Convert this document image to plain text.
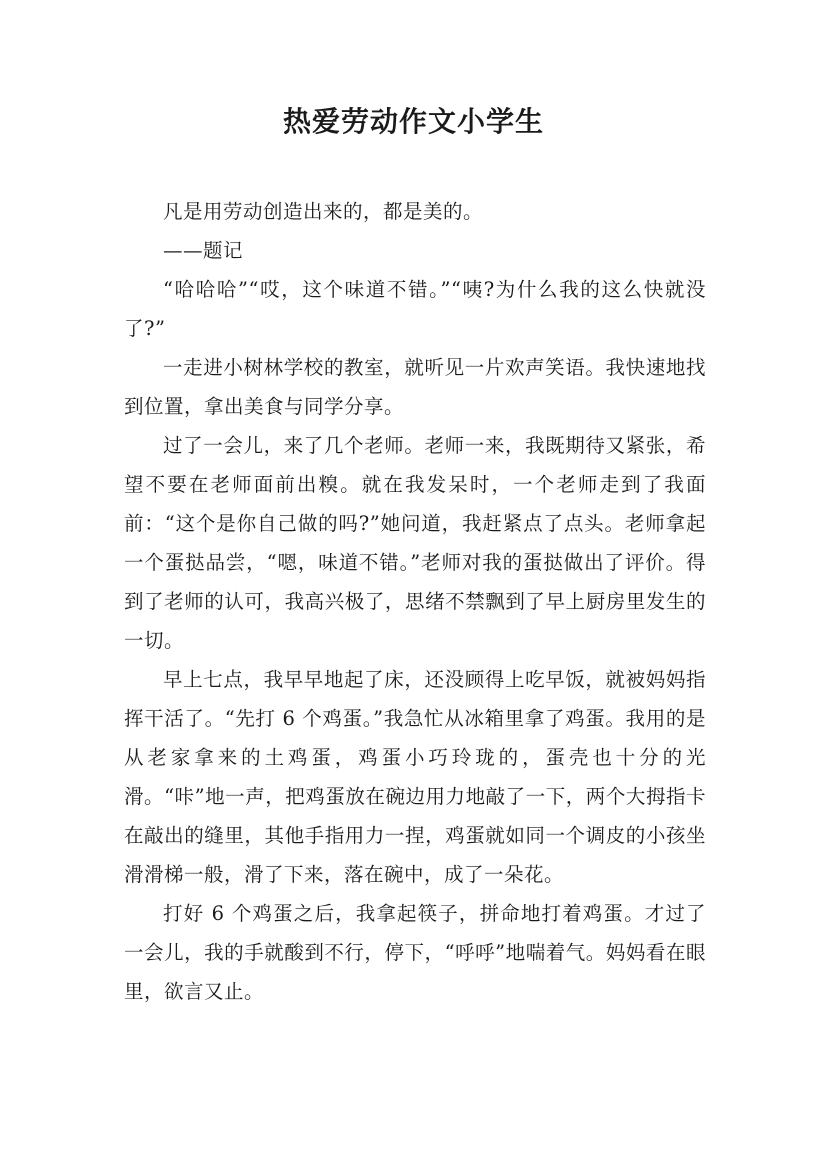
热爱劳动作文小学生

凡是用劳动创造出来的，都是美的。

——题记

“哈哈哈”“哎，这个味道不错。”“咦?为什么我的这么快就没了?”

一走进小树林学校的教室，就听见一片欢声笑语。我快速地找到位置，拿出美食与同学分享。

过了一会儿，来了几个老师。老师一来，我既期待又紧张，希望不要在老师面前出糗。就在我发呆时，一个老师走到了我面前：“这个是你自己做的吗?”她问道，我赶紧点了点头。老师拿起一个蛋挞品尝，“嗯，味道不错。”老师对我的蛋挞做出了评价。得到了老师的认可，我高兴极了，思绪不禁飘到了早上厨房里发生的一切。

早上七点，我早早地起了床，还没顾得上吃早饭，就被妈妈指挥干活了。“先打 6 个鸡蛋。”我急忙从冰箱里拿了鸡蛋。我用的是从老家拿来的土鸡蛋，鸡蛋小巧玲珑的，蛋壳也十分的光滑。“咔”地一声，把鸡蛋放在碗边用力地敲了一下，两个大拇指卡在敲出的缝里，其他手指用力一捏，鸡蛋就如同一个调皮的小孩坐滑滑梯一般，滑了下来，落在碗中，成了一朵花。

打好 6 个鸡蛋之后，我拿起筷子，拼命地打着鸡蛋。才过了一会儿，我的手就酸到不行，停下，“呼呼”地喘着气。妈妈看在眼里，欲言又止。
